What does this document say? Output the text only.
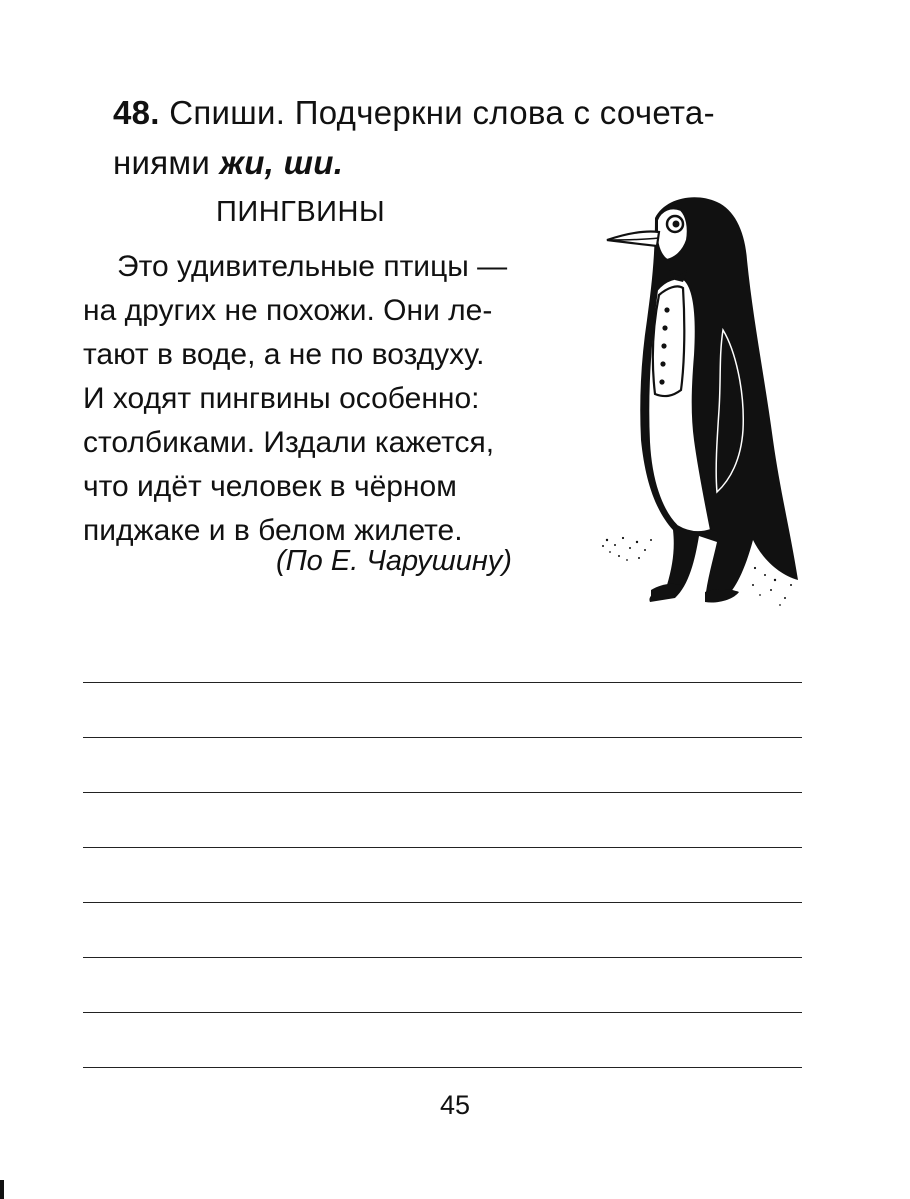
48. Спиши. Подчеркни слова с сочета-
ниями жи, ши.
ПИНГВИНЫ
Это удивительные птицы —
на других не похожи. Они ле-
тают в воде, а не по воздуху.
И ходят пингвины особенно:
столбиками. Издали кажется,
что идёт человек в чёрном
пиджаке и в белом жилете.
(По Е. Чарушину)
45
